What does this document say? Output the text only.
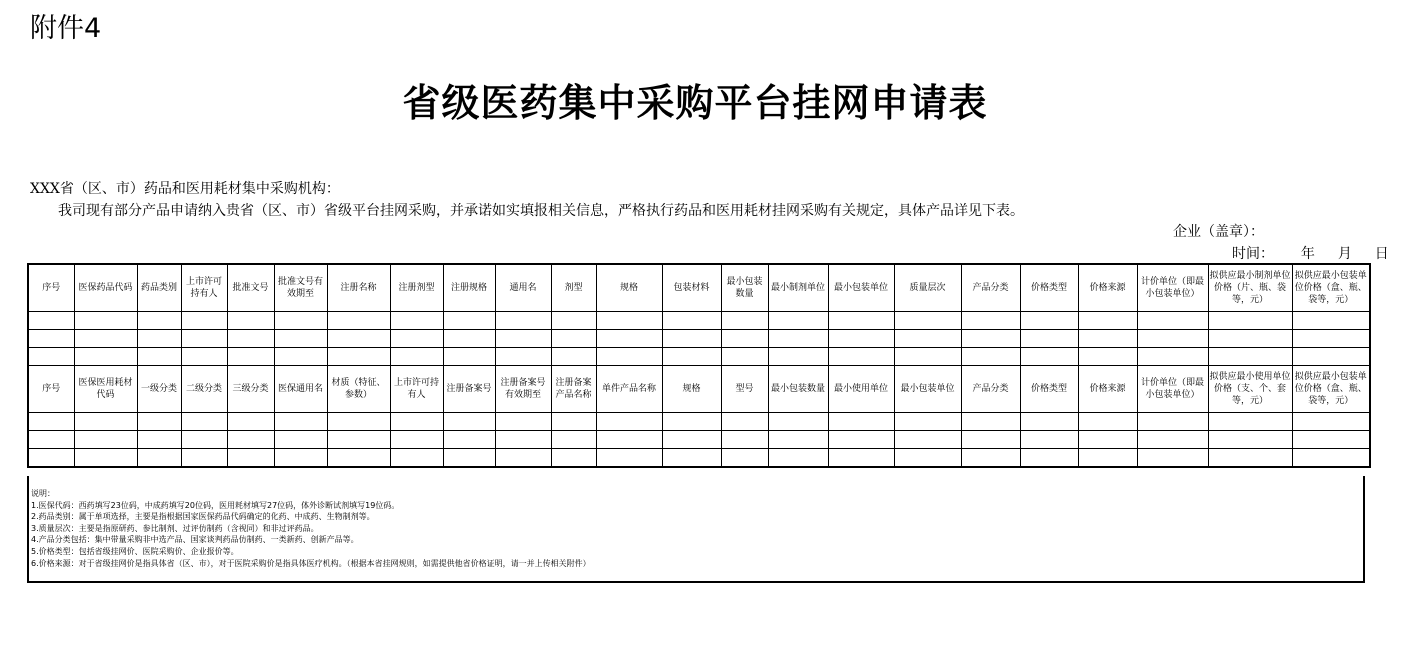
附件4
省级医药集中采购平台挂网申请表
XXX省（区、市）药品和医用耗材集中采购机构：
我司现有部分产品申请纳入贵省（区、市）省级平台挂网采购，并承诺如实填报相关信息，严格执行药品和医用耗材挂网采购有关规定，具体产品详见下表。
企业（盖章）：
时间： 年 月 日
序号	医保药品代码	药品类别	上市许可持有人	批准文号	批准文号有效期至	注册名称	注册剂型	注册规格	通用名	剂型	规格	包装材料	最小包装数量	最小制剂单位	最小包装单位	质量层次	产品分类	价格类型	价格来源	计价单位（即最小包装单位）	拟供应最小制剂单位价格（片、瓶、袋等，元）	拟供应最小包装单位价格（盒、瓶、袋等，元）

序号	医保医用耗材代码	一级分类	二级分类	三级分类	医保通用名	材质（特征、参数）	上市许可持有人	注册备案号	注册备案号有效期至	注册备案产品名称	单件产品名称	规格	型号	最小包装数量	最小使用单位	最小包装单位	产品分类	价格类型	价格来源	计价单位（即最小包装单位）	拟供应最小使用单位价格（支、个、套等，元）	拟供应最小包装单位价格（盒、瓶、袋等，元）

说明：
1.医保代码：西药填写23位码，中成药填写20位码，医用耗材填写27位码，体外诊断试剂填写19位码。
2.药品类别：属于单项选择，主要是指根据国家医保药品代码确定的化药、中成药、生物制剂等。
3.质量层次：主要是指原研药、参比制剂、过评仿制药（含视同）和非过评药品。
4.产品分类包括：集中带量采购非中选产品、国家谈判药品仿制药、一类新药、创新产品等。
5.价格类型：包括省级挂网价、医院采购价、企业报价等。
6.价格来源：对于省级挂网价是指具体省（区、市），对于医院采购价是指具体医疗机构。（根据本省挂网规则，如需提供他省价格证明，请一并上传相关附件）
